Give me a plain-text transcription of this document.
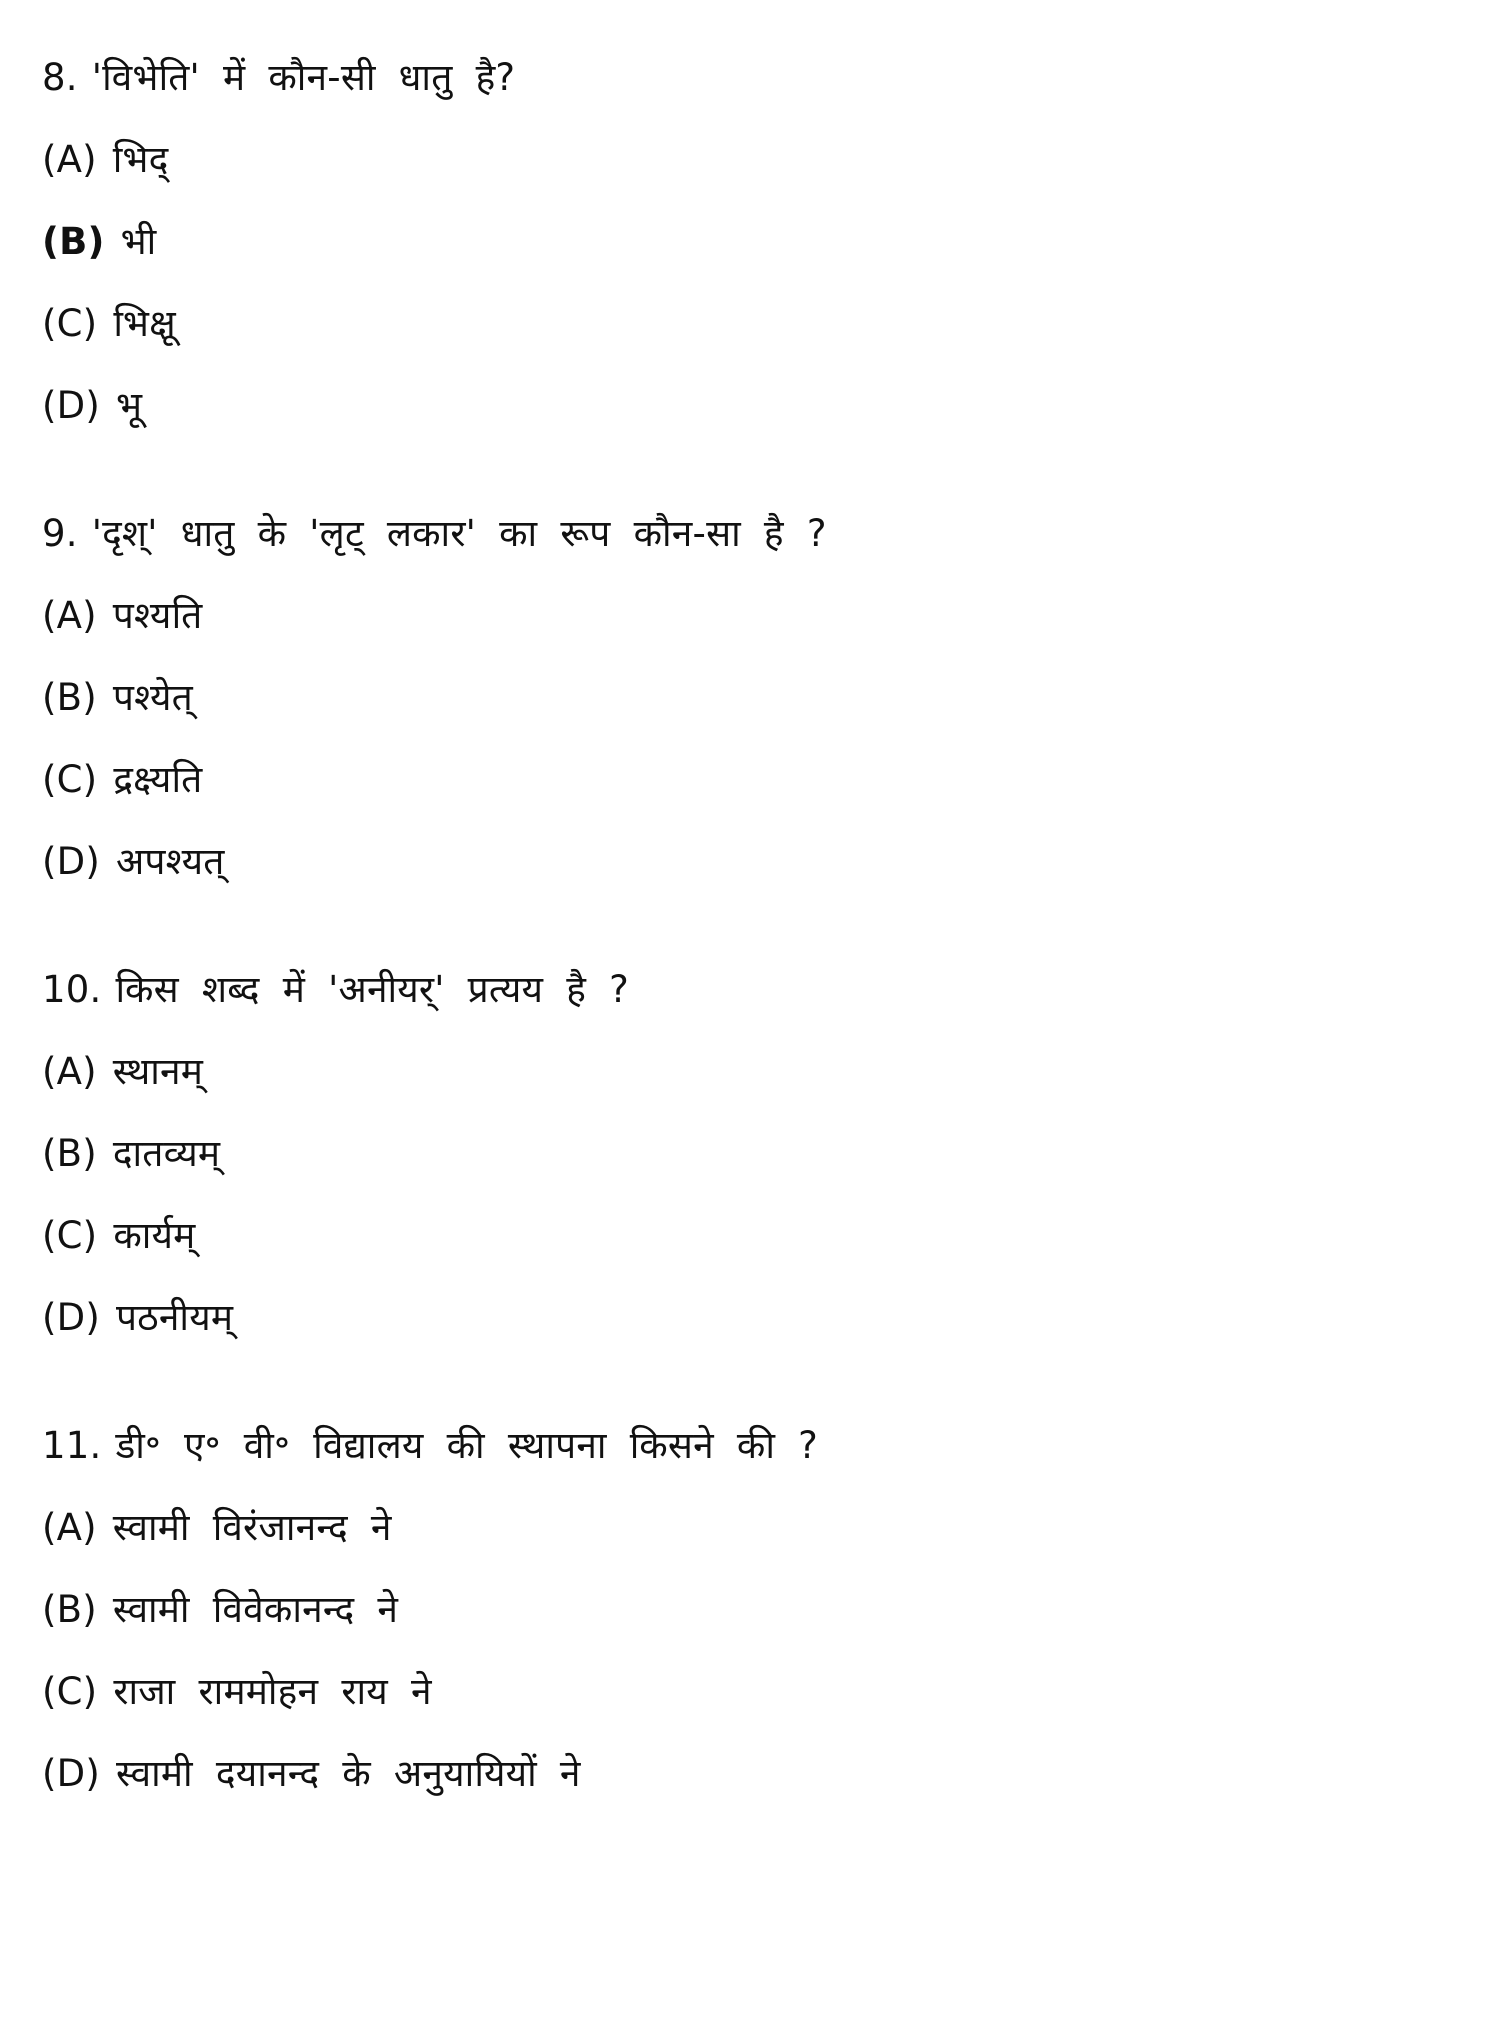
8. 'विभेति' में कौन-सी धातु है?
(A) भिद्
(B) भी
(C) भिक्षू
(D) भू
9. 'दृश्' धातु के 'लृट् लकार' का रूप कौन-सा है ?
(A) पश्यति
(B) पश्येत्
(C) द्रक्ष्यति
(D) अपश्यत्
10. किस शब्द में 'अनीयर्' प्रत्यय है ?
(A) स्थानम्
(B) दातव्यम्
(C) कार्यम्
(D) पठनीयम्
11. डी॰ ए॰ वी॰ विद्यालय की स्थापना किसने की ?
(A) स्वामी विरंजानन्द ने
(B) स्वामी विवेकानन्द ने
(C) राजा राममोहन राय ने
(D) स्वामी दयानन्द के अनुयायियों ने
